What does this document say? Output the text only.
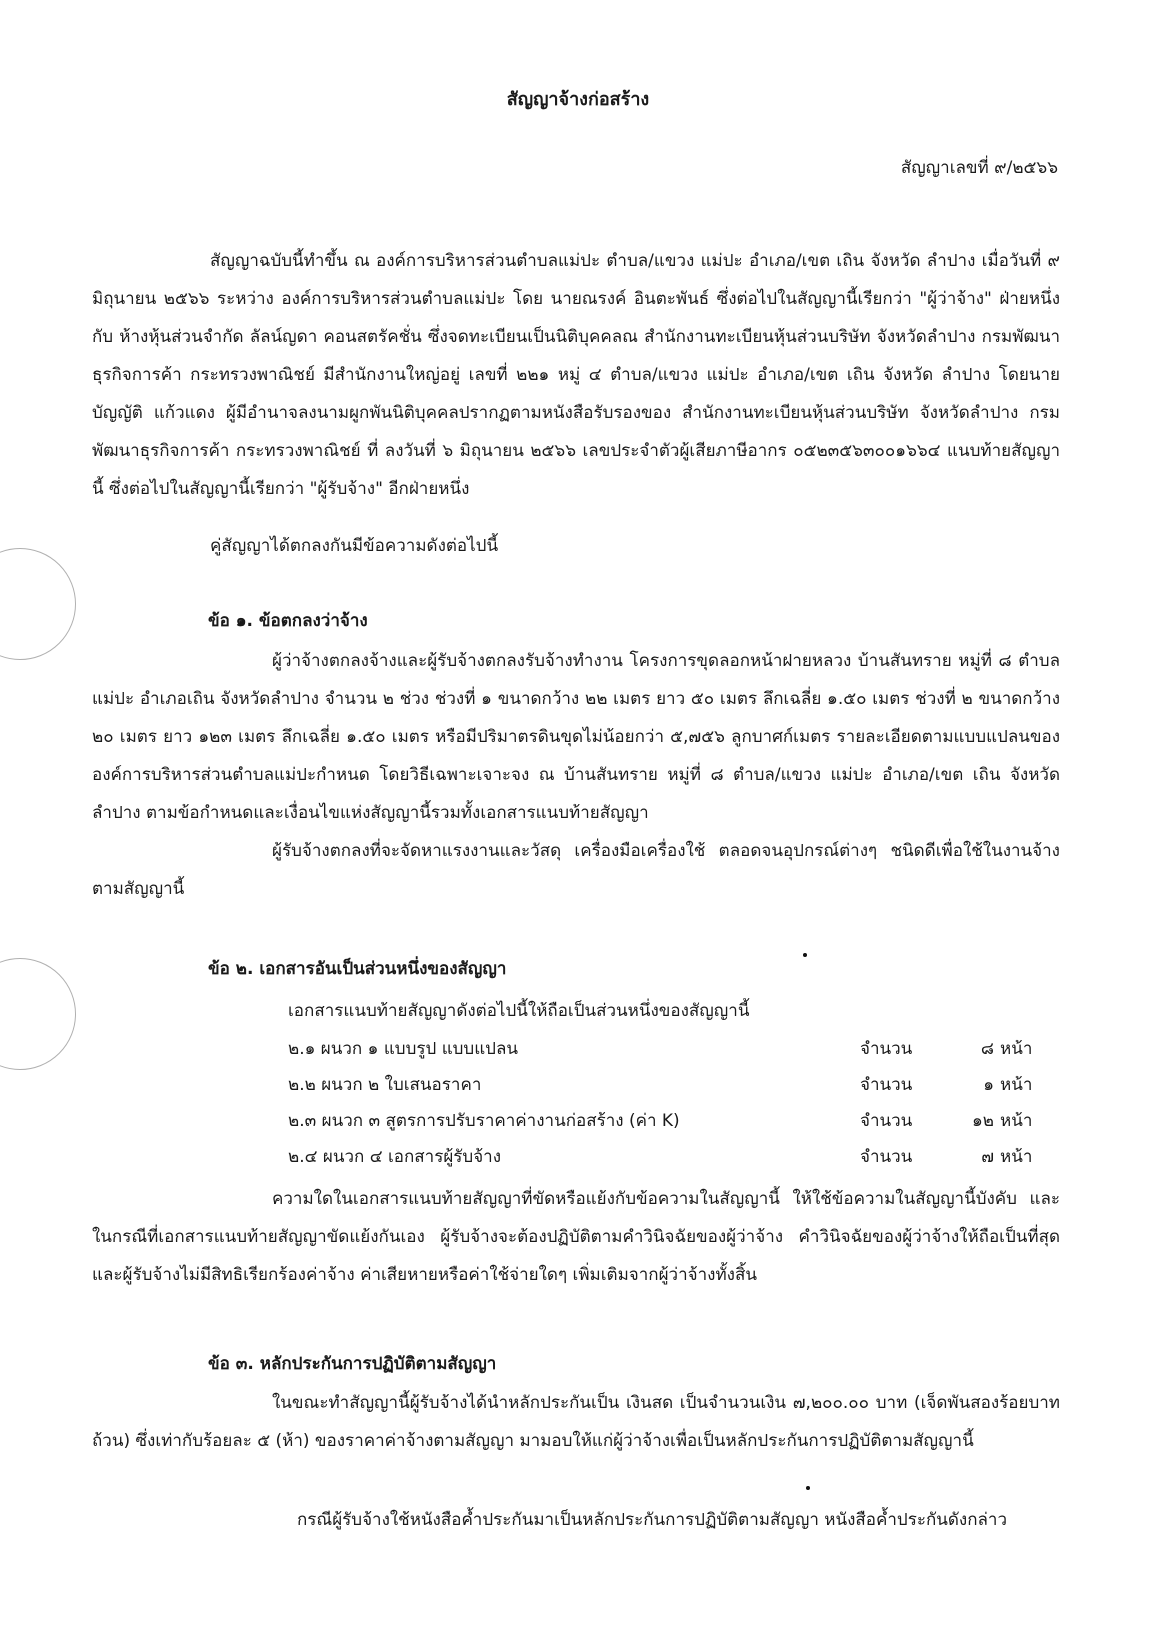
สัญญาจ้างก่อสร้าง
สัญญาเลขที่ ๙/๒๕๖๖

สัญญาฉบับนี้ทำขึ้น ณ องค์การบริหารส่วนตำบลแม่ปะ ตำบล/แขวง แม่ปะ อำเภอ/เขต เถิน จังหวัด ลำปาง เมื่อวันที่ ๙ มิถุนายน ๒๕๖๖ ระหว่าง องค์การบริหารส่วนตำบลแม่ปะ โดย นายณรงค์ อินตะพันธ์ ซึ่งต่อไปในสัญญานี้เรียกว่า "ผู้ว่าจ้าง" ฝ่ายหนึ่ง กับ ห้างหุ้นส่วนจำกัด ลัลน์ญดา คอนสตรัคชั่น ซึ่งจดทะเบียนเป็นนิติบุคคลณ สำนักงานทะเบียนหุ้นส่วนบริษัท จังหวัดลำปาง กรมพัฒนาธุรกิจการค้า กระทรวงพาณิชย์ มีสำนักงานใหญ่อยู่ เลขที่ ๒๒๑ หมู่ ๔ ตำบล/แขวง แม่ปะ อำเภอ/เขต เถิน จังหวัด ลำปาง โดยนายบัญญัติ แก้วแดง ผู้มีอำนาจลงนามผูกพันนิติบุคคลปรากฏตามหนังสือรับรองของ สำนักงานทะเบียนหุ้นส่วนบริษัท จังหวัดลำปาง กรมพัฒนาธุรกิจการค้า กระทรวงพาณิชย์ ที่ ลงวันที่ ๖ มิถุนายน ๒๕๖๖ เลขประจำตัวผู้เสียภาษีอากร ๐๕๒๓๕๖๓๐๐๑๖๖๔ แนบท้ายสัญญานี้ ซึ่งต่อไปในสัญญานี้เรียกว่า "ผู้รับจ้าง" อีกฝ่ายหนึ่ง

คู่สัญญาได้ตกลงกันมีข้อความดังต่อไปนี้
ข้อ ๑. ข้อตกลงว่าจ้าง

ผู้ว่าจ้างตกลงจ้างและผู้รับจ้างตกลงรับจ้างทำงาน โครงการขุดลอกหน้าฝายหลวง บ้านสันทราย หมู่ที่ ๘ ตำบลแม่ปะ อำเภอเถิน จังหวัดลำปาง จำนวน ๒ ช่วง ช่วงที่ ๑ ขนาดกว้าง ๒๒ เมตร ยาว ๕๐ เมตร ลึกเฉลี่ย ๑.๕๐ เมตร ช่วงที่ ๒ ขนาดกว้าง ๒๐ เมตร ยาว ๑๒๓ เมตร ลึกเฉลี่ย ๑.๕๐ เมตร หรือมีปริมาตรดินขุดไม่น้อยกว่า ๕,๗๕๖ ลูกบาศก์เมตร รายละเอียดตามแบบแปลนขององค์การบริหารส่วนตำบลแม่ปะกำหนด โดยวิธีเฉพาะเจาะจง ณ บ้านสันทราย หมู่ที่ ๘ ตำบล/แขวง แม่ปะ อำเภอ/เขต เถิน จังหวัด ลำปาง ตามข้อกำหนดและเงื่อนไขแห่งสัญญานี้รวมทั้งเอกสารแนบท้ายสัญญา

ผู้รับจ้างตกลงที่จะจัดหาแรงงานและวัสดุ เครื่องมือเครื่องใช้ ตลอดจนอุปกรณ์ต่างๆ ชนิดดีเพื่อใช้ในงานจ้างตามสัญญานี้

ข้อ ๒. เอกสารอันเป็นส่วนหนึ่งของสัญญา
เอกสารแนบท้ายสัญญาดังต่อไปนี้ให้ถือเป็นส่วนหนึ่งของสัญญานี้
๒.๑ ผนวก ๑ แบบรูป แบบแปลน	จำนวน	๘ หน้า
๒.๒ ผนวก ๒ ใบเสนอราคา	จำนวน	๑ หน้า
๒.๓ ผนวก ๓ สูตรการปรับราคาค่างานก่อสร้าง (ค่า K)	จำนวน	๑๒ หน้า
๒.๔ ผนวก ๔ เอกสารผู้รับจ้าง	จำนวน	๗ หน้า

ความใดในเอกสารแนบท้ายสัญญาที่ขัดหรือแย้งกับข้อความในสัญญานี้ ให้ใช้ข้อความในสัญญานี้บังคับ และในกรณีที่เอกสารแนบท้ายสัญญาขัดแย้งกันเอง ผู้รับจ้างจะต้องปฏิบัติตามคำวินิจฉัยของผู้ว่าจ้าง คำวินิจฉัยของผู้ว่าจ้างให้ถือเป็นที่สุด และผู้รับจ้างไม่มีสิทธิเรียกร้องค่าจ้าง ค่าเสียหายหรือค่าใช้จ่ายใดๆ เพิ่มเติมจากผู้ว่าจ้างทั้งสิ้น

ข้อ ๓. หลักประกันการปฏิบัติตามสัญญา

ในขณะทำสัญญานี้ผู้รับจ้างได้นำหลักประกันเป็น เงินสด เป็นจำนวนเงิน ๗,๒๐๐.๐๐ บาท (เจ็ดพันสองร้อยบาทถ้วน) ซึ่งเท่ากับร้อยละ ๕ (ห้า) ของราคาค่าจ้างตามสัญญา มามอบให้แก่ผู้ว่าจ้างเพื่อเป็นหลักประกันการปฏิบัติตามสัญญานี้

กรณีผู้รับจ้างใช้หนังสือค้ำประกันมาเป็นหลักประกันการปฏิบัติตามสัญญา หนังสือค้ำประกันดังกล่าว
